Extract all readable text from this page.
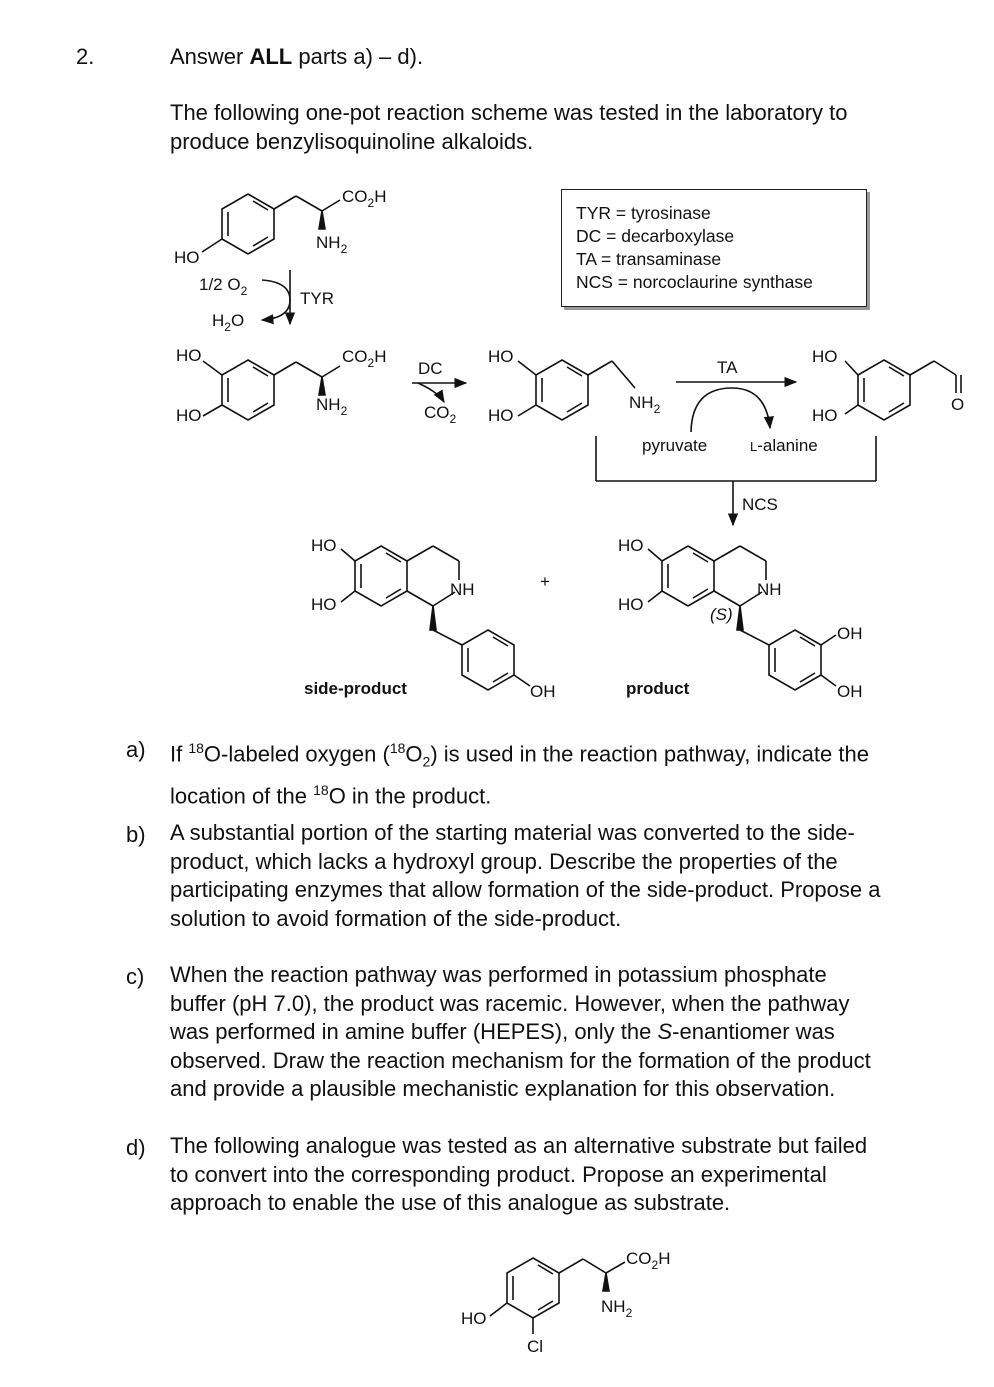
2.	Answer ALL parts a) – d).
The following one-pot reaction scheme was tested in the laboratory to
produce benzylisoquinoline alkaloids.
TYR = tyrosinase
DC = decarboxylase
TA = transaminase
NCS = norcoclaurine synthase
$CO_2H$
$NH_2$
HO
1/2 $O_2$
$H_2O$
TYR
HO
HO
$CO_2H$
$NH_2$
DC
$CO_2$
HO
HO
$NH_2$
TA
pyruvate	L-alanine
HO
HO
O
NCS
HO
HO
NH
OH
side-product
+
HO
HO
NH
(S)
OH
OH
product
a) If $^{18}$O-labeled oxygen $(^{18}O_2)$ is used in the reaction pathway, indicate the
location of the $^{18}$O in the product.
b) A substantial portion of the starting material was converted to the side-
product, which lacks a hydroxyl group. Describe the properties of the
participating enzymes that allow formation of the side-product. Propose a
solution to avoid formation of the side-product.
c) When the reaction pathway was performed in potassium phosphate
buffer (pH 7.0), the product was racemic. However, when the pathway
was performed in amine buffer (HEPES), only the S-enantiomer was
observed. Draw the reaction mechanism for the formation of the product
and provide a plausible mechanistic explanation for this observation.
d) The following analogue was tested as an alternative substrate but failed
to convert into the corresponding product. Propose an experimental
approach to enable the use of this analogue as substrate.
$CO_2H$
$NH_2$
HO
Cl
